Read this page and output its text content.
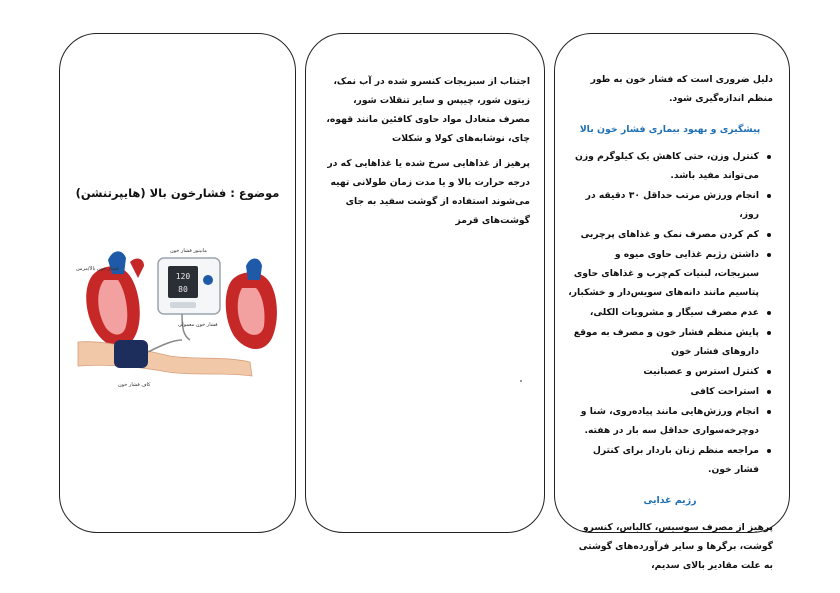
موضوع : فشارخون بالا (هایپرتنشن)
120
80
مانیتور فشار خون
فشار خون بالا/مزمن
فشار خون معمولی
کاف فشار خون

اجتناب از سبزیجات کنسرو شده در آب نمک، زیتون شور، چیپس و سایر تنقلات شور، مصرف متعادل مواد حاوی کافئین مانند قهوه، چای، نوشابه‌های کولا و شکلات

پرهیز از غذاهایی سرخ شده یا غذاهایی که در درجه حرارت بالا و یا مدت زمان طولانی تهیه می‌شوند استفاده از گوشت سفید به جای گوشت‌های قرمز

دلیل ضروری است که فشار خون به طور منظم اندازه‌گیری شود.

پیشگیری و بهبود بیماری فشار خون بالا
کنترل وزن، حتی کاهش یک کیلوگرم وزن می‌تواند مفید باشد.
انجام ورزش مرتب حداقل ۳۰ دقیقه در روز،
کم کردن مصرف نمک و غذاهای پرچربی
داشتن رژیم غذایی حاوی میوه و سبزیجات، لبنیات کم‌چرب و غذاهای حاوی پتاسیم مانند دانه‌های سویس‌دار و خشکبار،
عدم مصرف سیگار و مشروبات الکلی،
پایش منظم فشار خون و مصرف به موقع داروهای فشار خون
کنترل استرس و عصبانیت
استراحت کافی
انجام ورزش‌هایی مانند پیاده‌روی، شنا و دوچرخه‌سواری حداقل سه بار در هفته.
مراجعه منظم زنان باردار برای کنترل فشار خون.
رژیم غذایی

پرهیز از مصرف سوسیس، کالباس، کنسرو گوشت، برگرها و سایر فرآورده‌های گوشتی به علت مقادیر بالای سدیم،
